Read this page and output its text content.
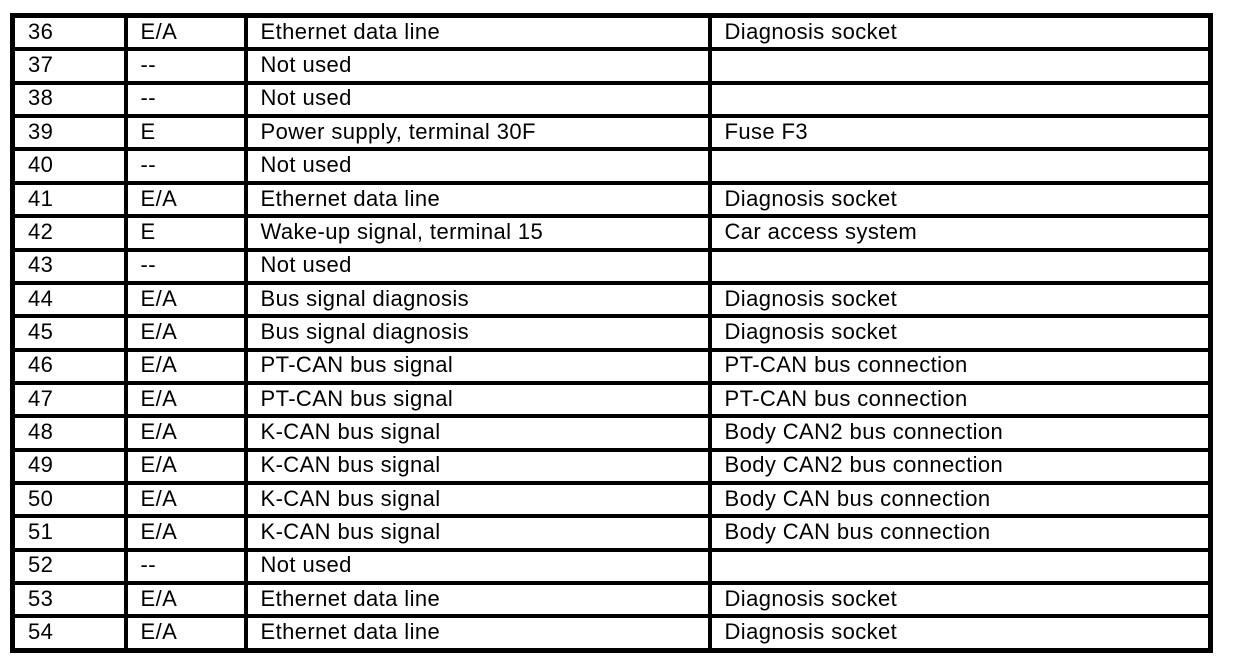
36	E/A	Ethernet data line	Diagnosis socket
37	--	Not used	
38	--	Not used	
39	E	Power supply, terminal 30F	Fuse F3
40	--	Not used	
41	E/A	Ethernet data line	Diagnosis socket
42	E	Wake-up signal, terminal 15	Car access system
43	--	Not used	
44	E/A	Bus signal diagnosis	Diagnosis socket
45	E/A	Bus signal diagnosis	Diagnosis socket
46	E/A	PT-CAN bus signal	PT-CAN bus connection
47	E/A	PT-CAN bus signal	PT-CAN bus connection
48	E/A	K-CAN bus signal	Body CAN2 bus connection
49	E/A	K-CAN bus signal	Body CAN2 bus connection
50	E/A	K-CAN bus signal	Body CAN bus connection
51	E/A	K-CAN bus signal	Body CAN bus connection
52	--	Not used	
53	E/A	Ethernet data line	Diagnosis socket
54	E/A	Ethernet data line	Diagnosis socket
